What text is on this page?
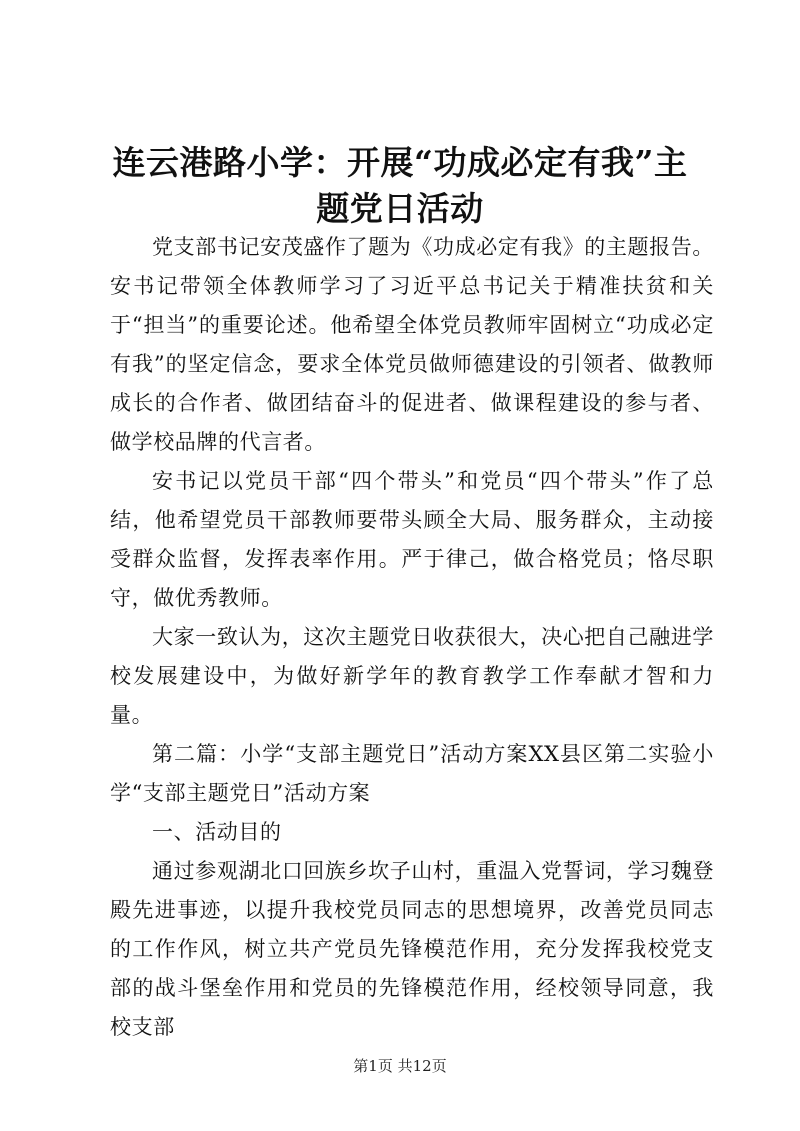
连云港路小学：开展“功成必定有我”主题党日活动

党支部书记安茂盛作了题为《功成必定有我》的主题报告。安书记带领全体教师学习了习近平总书记关于精准扶贫和关于“担当”的重要论述。他希望全体党员教师牢固树立“功成必定有我”的坚定信念，要求全体党员做师德建设的引领者、做教师成长的合作者、做团结奋斗的促进者、做课程建设的参与者、做学校品牌的代言者。

安书记以党员干部“四个带头”和党员“四个带头”作了总结，他希望党员干部教师要带头顾全大局、服务群众，主动接受群众监督，发挥表率作用。严于律己，做合格党员；恪尽职守，做优秀教师。

大家一致认为，这次主题党日收获很大，决心把自己融进学校发展建设中，为做好新学年的教育教学工作奉献才智和力量。

第二篇：小学“支部主题党日”活动方案XX县区第二实验小学“支部主题党日”活动方案

一、活动目的

通过参观湖北口回族乡坎子山村，重温入党誓词，学习魏登殿先进事迹，以提升我校党员同志的思想境界，改善党员同志的工作作风，树立共产党员先锋模范作用，充分发挥我校党支部的战斗堡垒作用和党员的先锋模范作用，经校领导同意，我校支部

第1页 共12页
